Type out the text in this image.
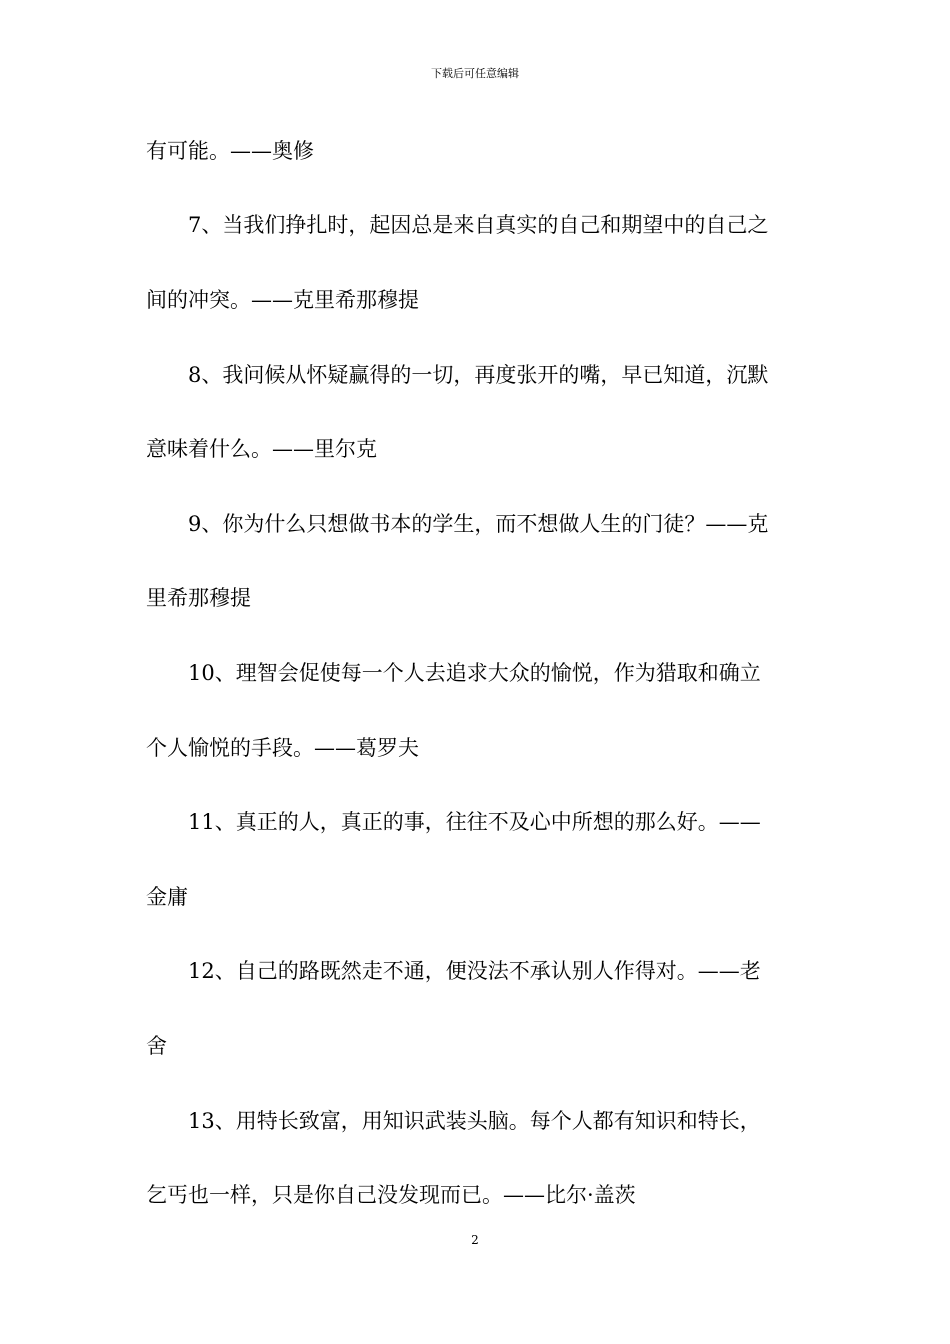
下载后可任意编辑
有可能。——奥修
7、当我们挣扎时，起因总是来自真实的自己和期望中的自己之
间的冲突。——克里希那穆提
8、我问候从怀疑赢得的一切，再度张开的嘴，早已知道，沉默
意味着什么。——里尔克
9、你为什么只想做书本的学生，而不想做人生的门徒？——克
里希那穆提
10、理智会促使每一个人去追求大众的愉悦，作为猎取和确立
个人愉悦的手段。——葛罗夫
11、真正的人，真正的事，往往不及心中所想的那么好。——
金庸
12、自己的路既然走不通，便没法不承认别人作得对。——老
舍
13、用特长致富，用知识武装头脑。每个人都有知识和特长，
乞丐也一样，只是你自己没发现而已。——比尔·盖茨
2
